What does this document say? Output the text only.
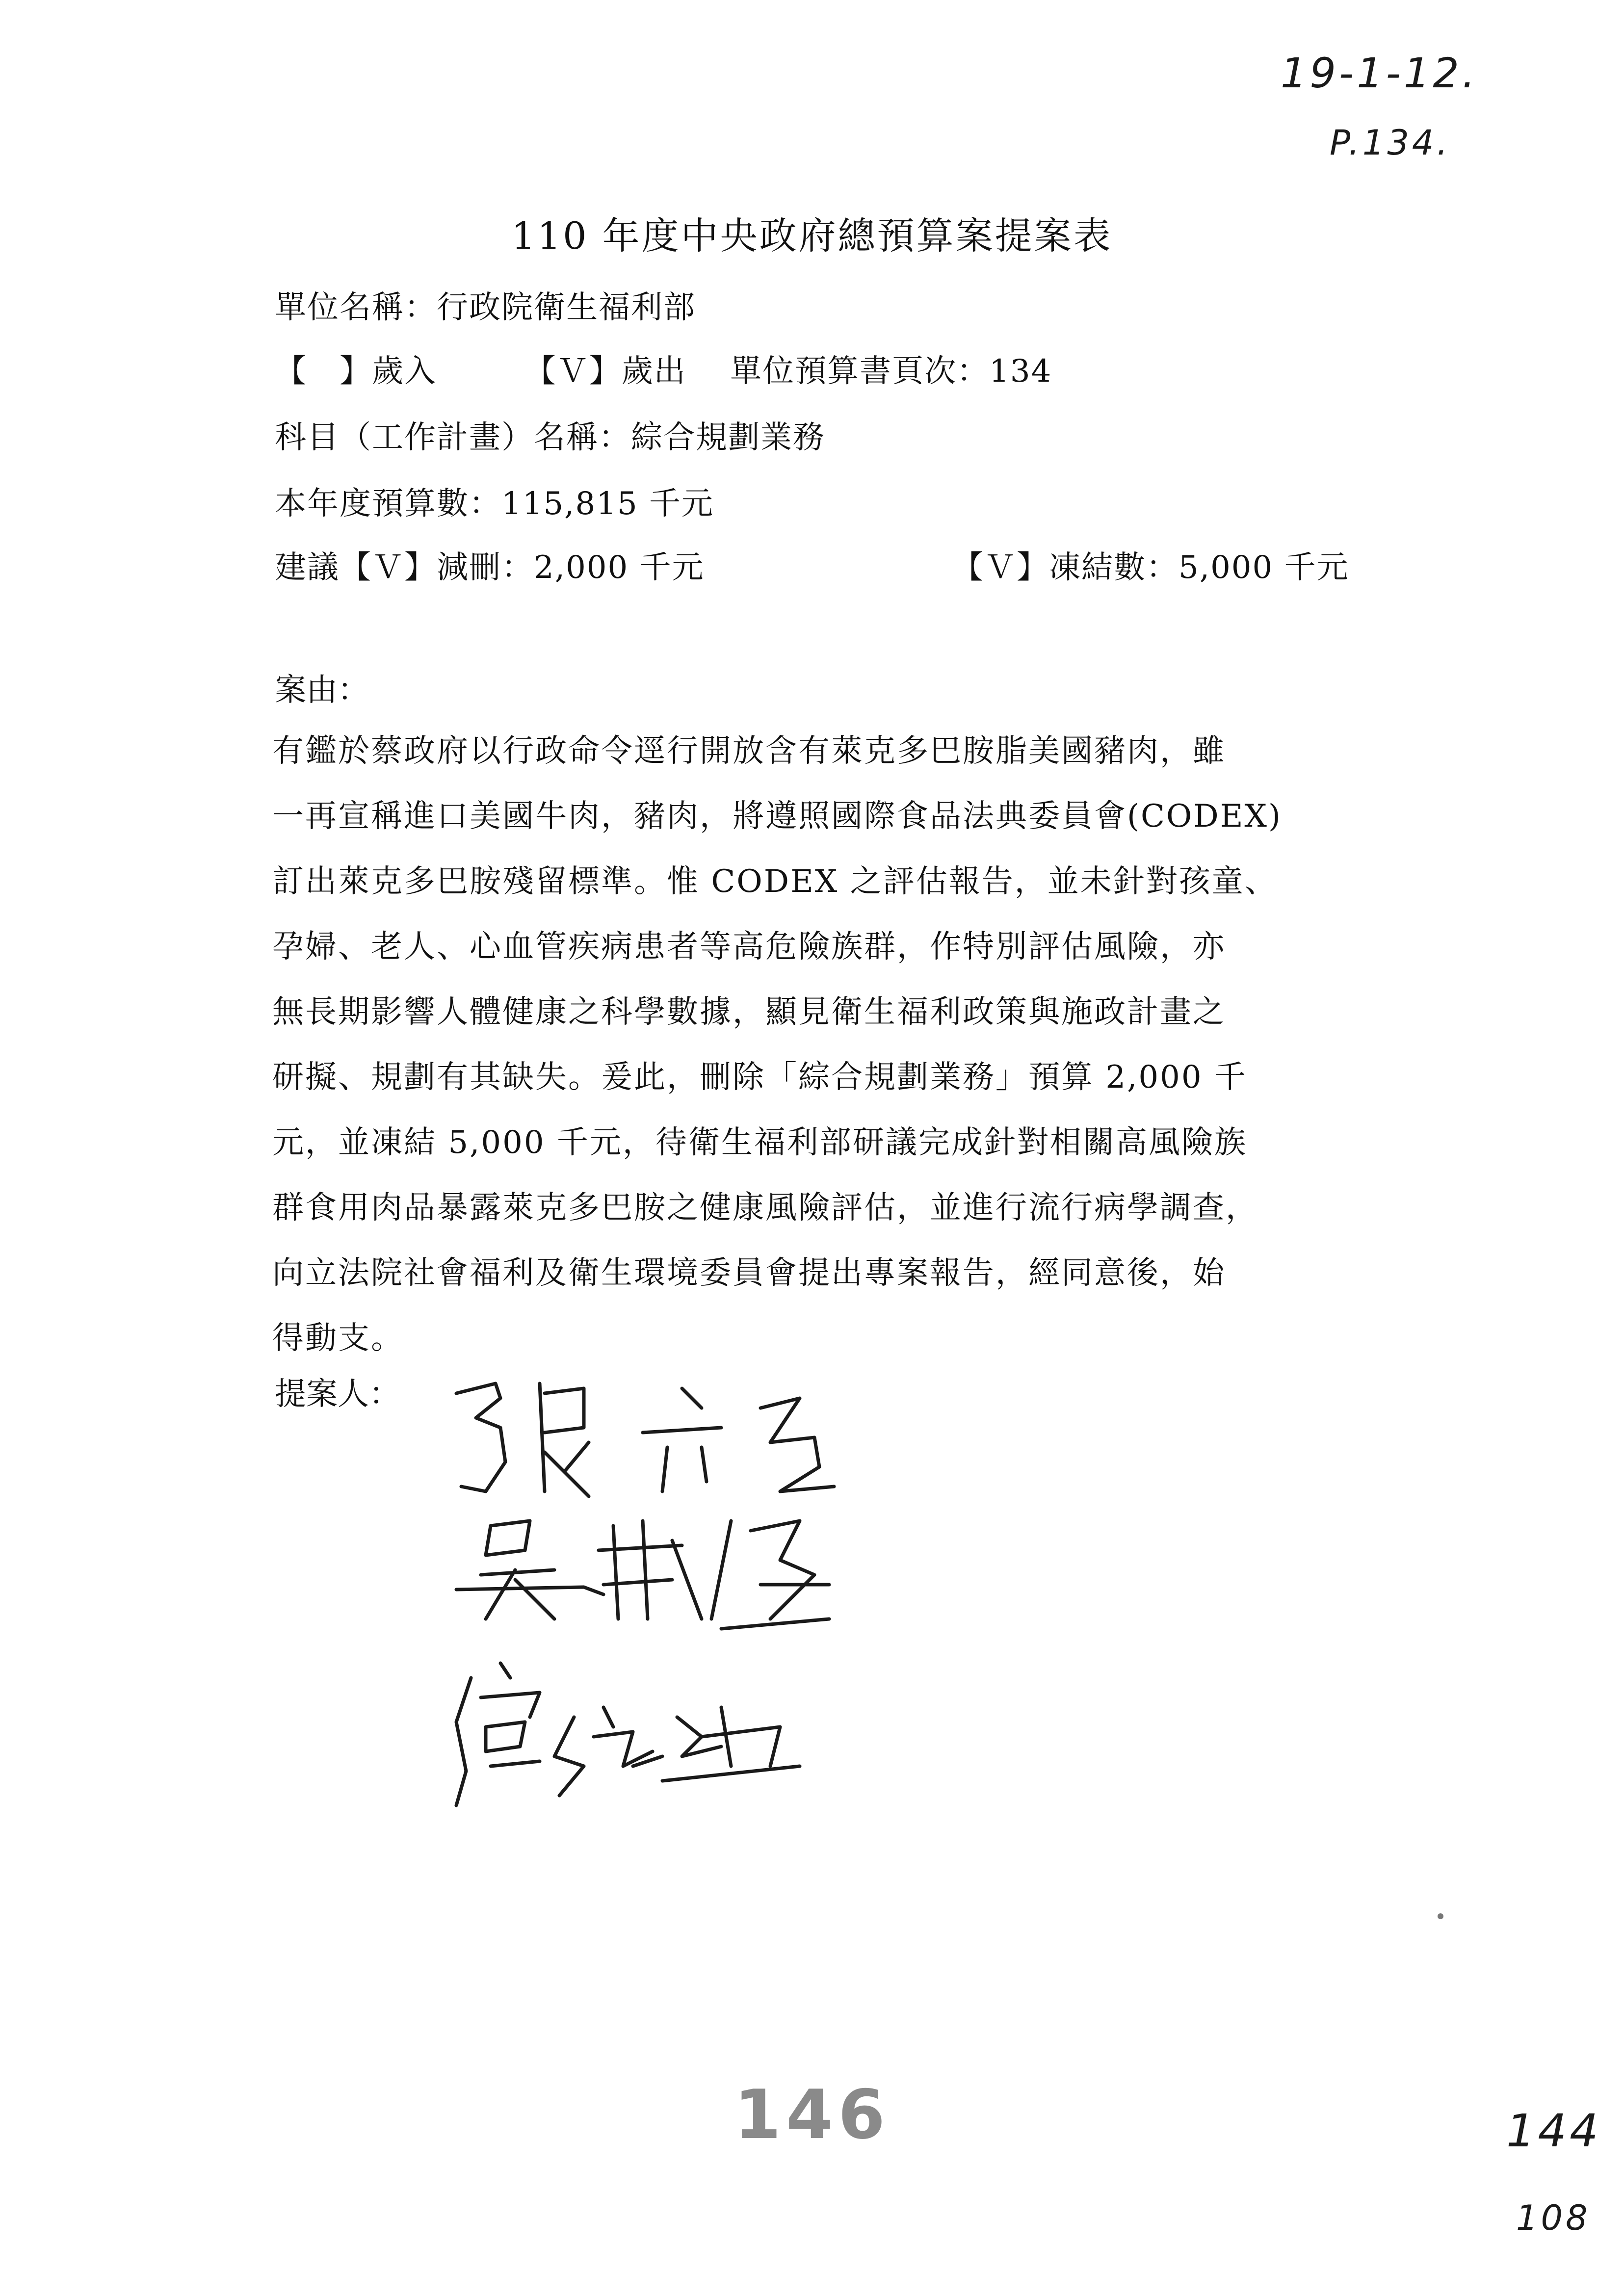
19-1-12.
P.134.
110 年度中央政府總預算案提案表
單位名稱：行政院衛生福利部
【　】歲入	【Ｖ】歲出 單位預算書頁次：134
科目（工作計畫）名稱：綜合規劃業務
本年度預算數：115,815 千元
建議【Ｖ】減刪：2,000 千元	【Ｖ】凍結數：5,000 千元
案由：
有鑑於蔡政府以行政命令逕行開放含有萊克多巴胺脂美國豬肉，雖
一再宣稱進口美國牛肉，豬肉，將遵照國際食品法典委員會(CODEX)
訂出萊克多巴胺殘留標準。惟 CODEX 之評估報告，並未針對孩童、
孕婦、老人、心血管疾病患者等高危險族群，作特別評估風險，亦
無長期影響人體健康之科學數據，顯見衛生福利政策與施政計畫之
研擬、規劃有其缺失。爰此，刪除「綜合規劃業務」預算 2,000 千
元，並凍結 5,000 千元，待衛生福利部研議完成針對相關高風險族
群食用肉品暴露萊克多巴胺之健康風險評估，並進行流行病學調查，
向立法院社會福利及衛生環境委員會提出專案報告，經同意後，始
得動支。
提案人：
146	144
108
